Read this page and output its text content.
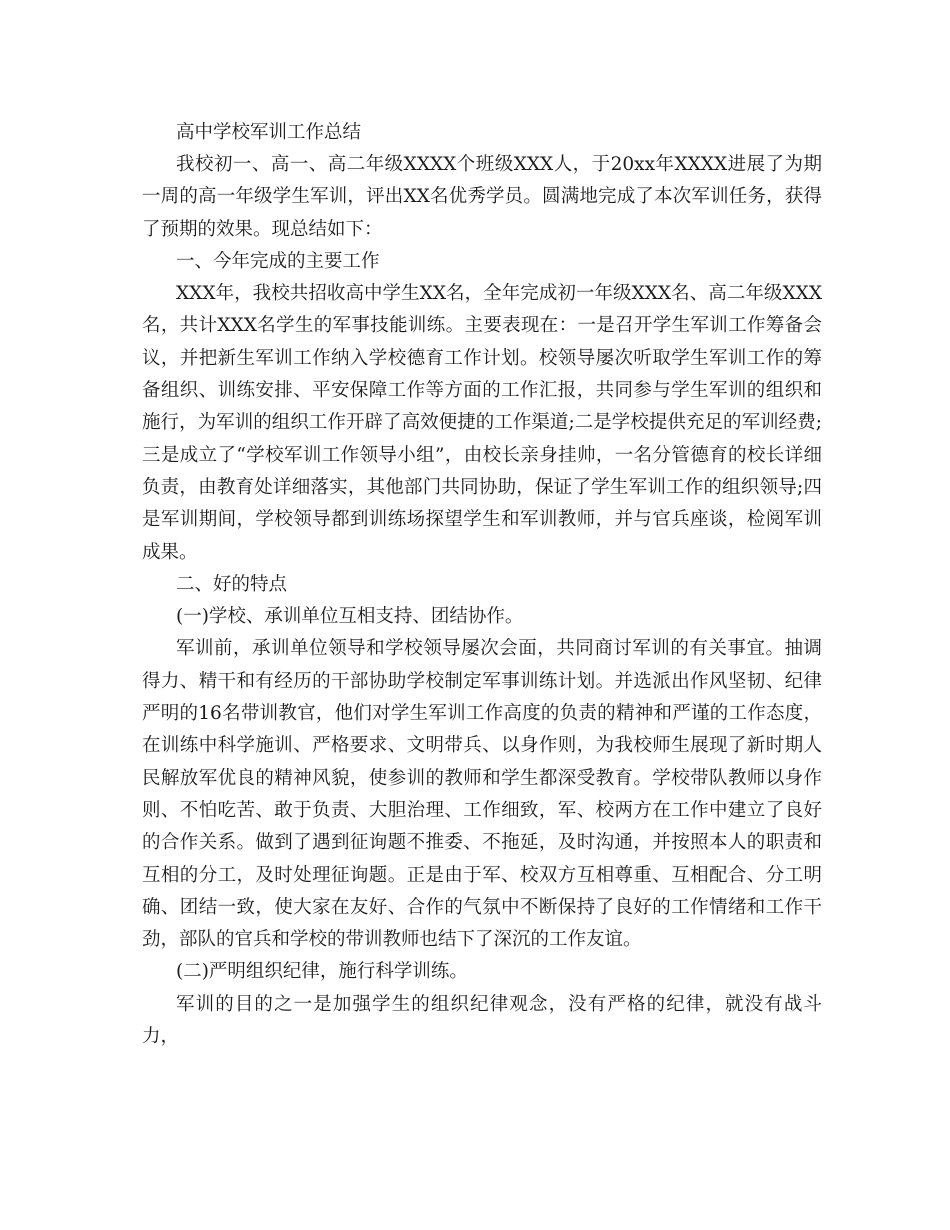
高中学校军训工作总结

我校初一、高一、高二年级XXXX个班级XXX人，于20xx年XXXX进展了为期一周的高一年级学生军训，评出XX名优秀学员。圆满地完成了本次军训任务，获得了预期的效果。现总结如下：

一、今年完成的主要工作

XXX年，我校共招收高中学生XX名，全年完成初一年级XXX名、高二年级XXX名，共计XXX名学生的军事技能训练。主要表现在：一是召开学生军训工作筹备会议，并把新生军训工作纳入学校德育工作计划。校领导屡次听取学生军训工作的筹备组织、训练安排、平安保障工作等方面的工作汇报，共同参与学生军训的组织和施行，为军训的组织工作开辟了高效便捷的工作渠道;二是学校提供充足的军训经费;三是成立了“学校军训工作领导小组”，由校长亲身挂帅，一名分管德育的校长详细负责，由教育处详细落实，其他部门共同协助，保证了学生军训工作的组织领导;四是军训期间，学校领导都到训练场探望学生和军训教师，并与官兵座谈，检阅军训成果。

二、好的特点

(一)学校、承训单位互相支持、团结协作。

军训前，承训单位领导和学校领导屡次会面，共同商讨军训的有关事宜。抽调得力、精干和有经历的干部协助学校制定军事训练计划。并选派出作风坚韧、纪律严明的16名带训教官，他们对学生军训工作高度的负责的精神和严谨的工作态度，在训练中科学施训、严格要求、文明带兵、以身作则，为我校师生展现了新时期人民解放军优良的精神风貌，使参训的教师和学生都深受教育。学校带队教师以身作则、不怕吃苦、敢于负责、大胆治理、工作细致，军、校两方在工作中建立了良好的合作关系。做到了遇到征询题不推委、不拖延，及时沟通，并按照本人的职责和互相的分工，及时处理征询题。正是由于军、校双方互相尊重、互相配合、分工明确、团结一致，使大家在友好、合作的气氛中不断保持了良好的工作情绪和工作干劲，部队的官兵和学校的带训教师也结下了深沉的工作友谊。

(二)严明组织纪律，施行科学训练。

军训的目的之一是加强学生的组织纪律观念，没有严格的纪律，就没有战斗力，
